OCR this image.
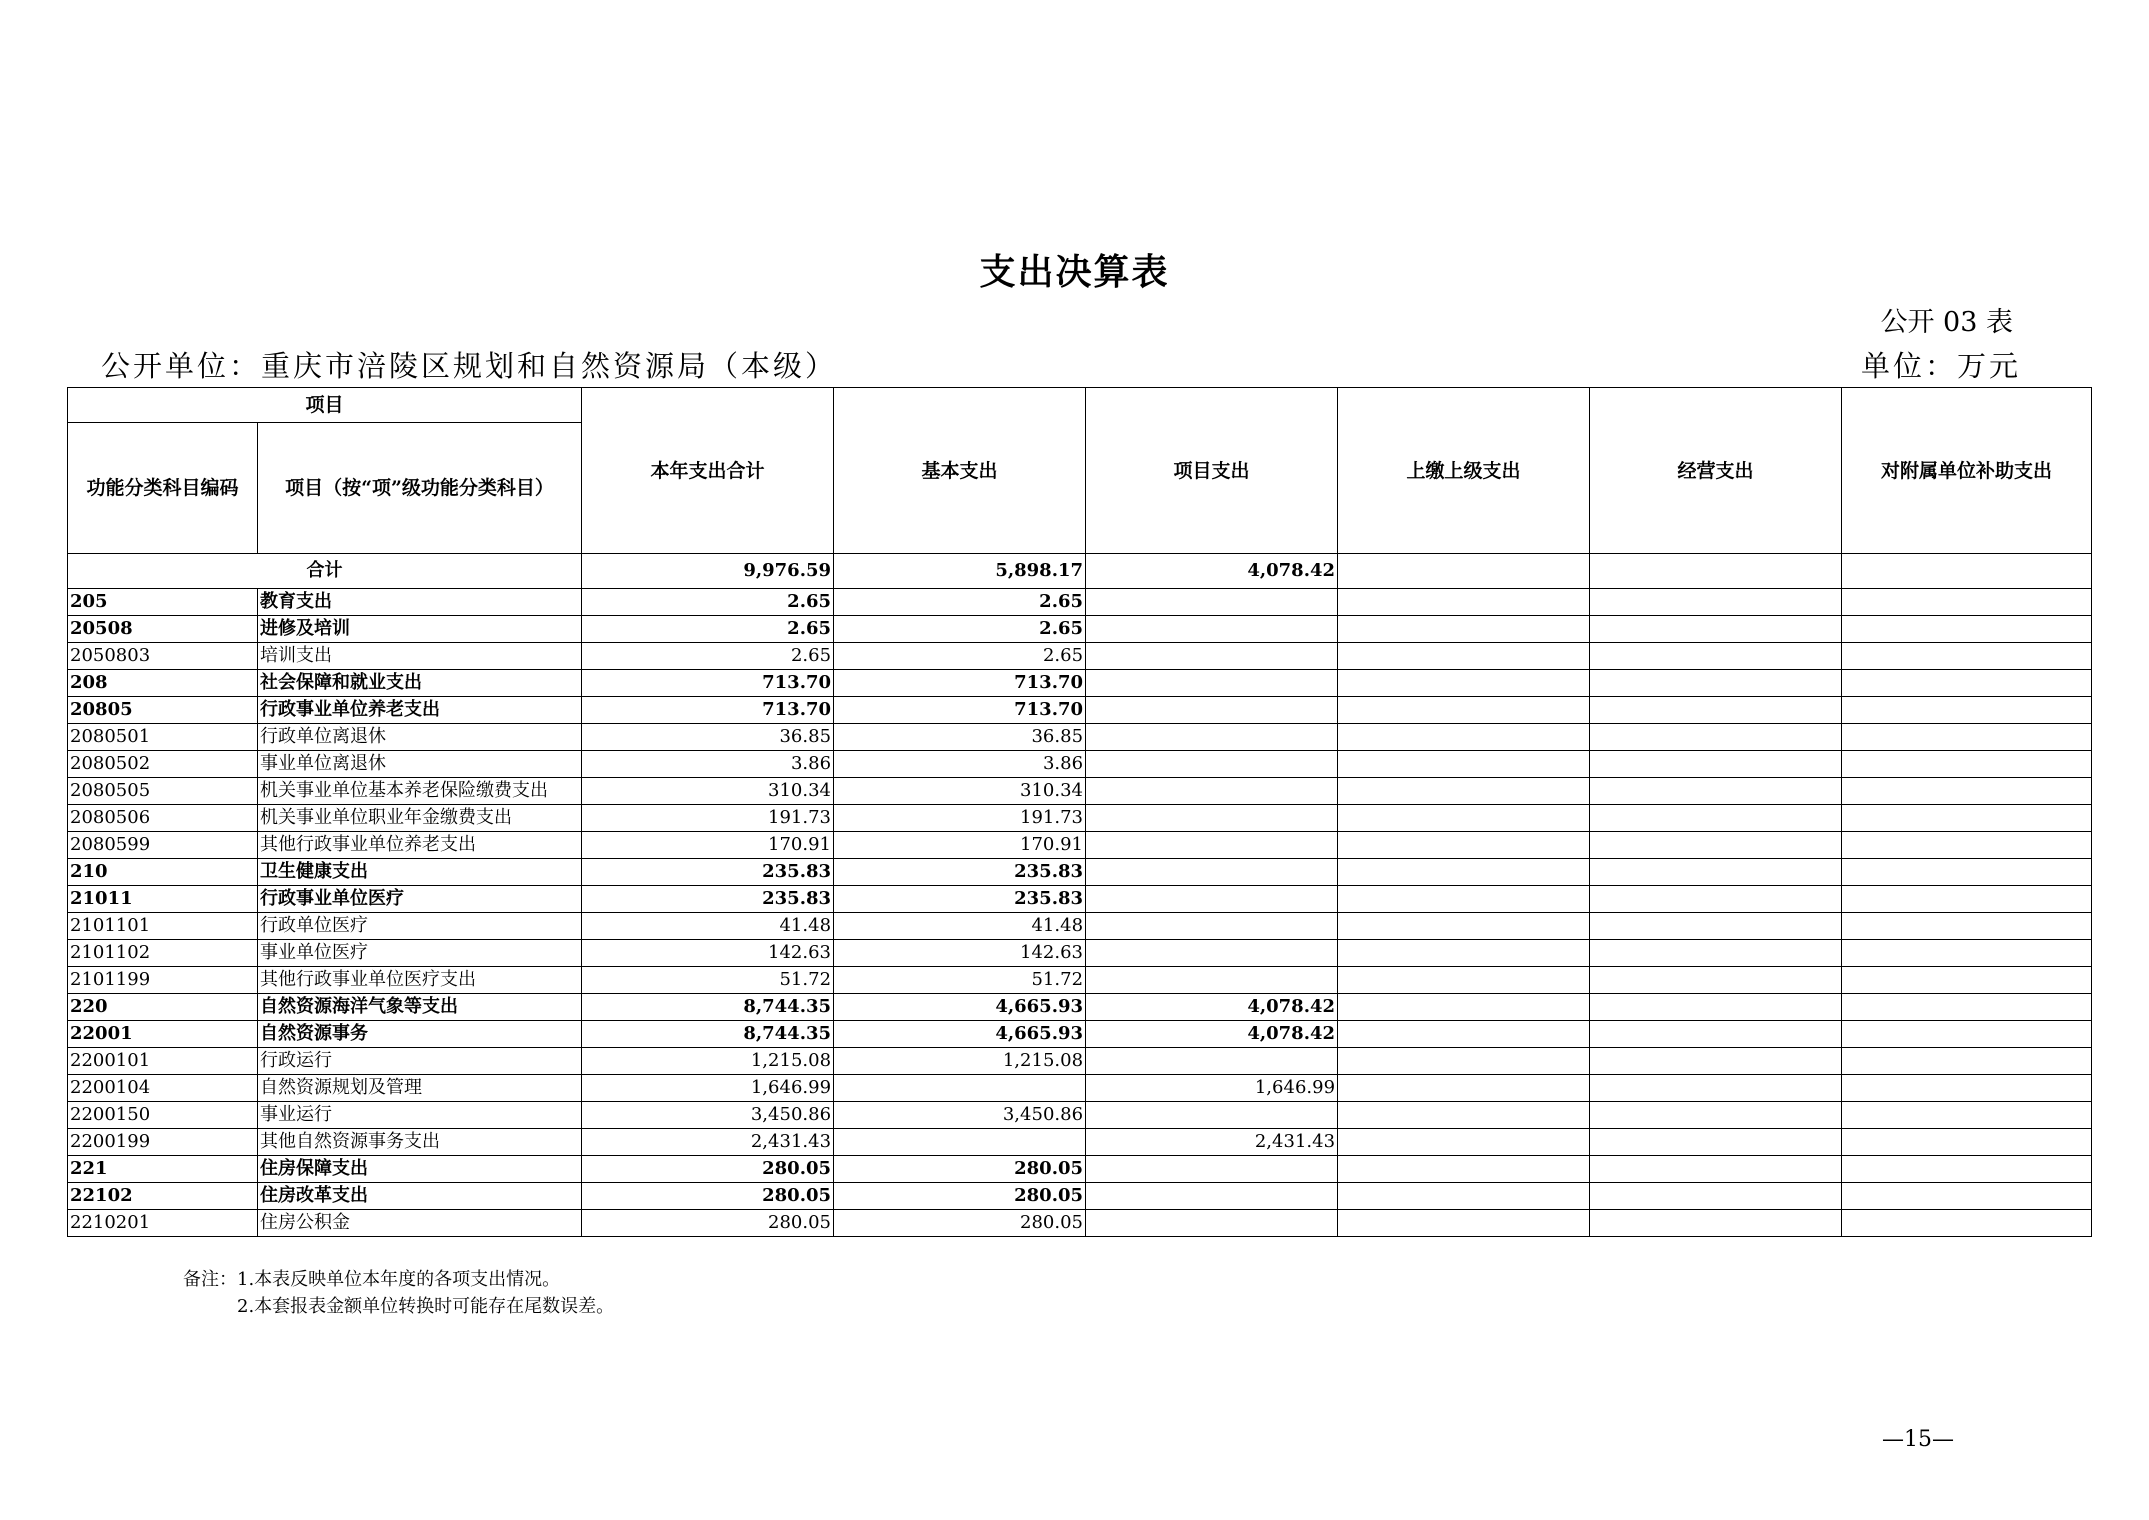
支出决算表
公开 03 表
公开单位：重庆市涪陵区规划和自然资源局（本级）	单位：万元
项目		本年支出合计	基本支出	项目支出	上缴上级支出	经营支出	对附属单位补助支出
功能分类科目编码	项目（按“项”级功能分类科目）						
合计		9,976.59	5,898.17	4,078.42			
205	教育支出	2.65	2.65				
20508	进修及培训	2.65	2.65				
2050803	培训支出	2.65	2.65				
208	社会保障和就业支出	713.70	713.70				
20805	行政事业单位养老支出	713.70	713.70				
2080501	行政单位离退休	36.85	36.85				
2080502	事业单位离退休	3.86	3.86				
2080505	机关事业单位基本养老保险缴费支出	310.34	310.34				
2080506	机关事业单位职业年金缴费支出	191.73	191.73				
2080599	其他行政事业单位养老支出	170.91	170.91				
210	卫生健康支出	235.83	235.83				
21011	行政事业单位医疗	235.83	235.83				
2101101	行政单位医疗	41.48	41.48				
2101102	事业单位医疗	142.63	142.63				
2101199	其他行政事业单位医疗支出	51.72	51.72				
220	自然资源海洋气象等支出	8,744.35	4,665.93	4,078.42			
22001	自然资源事务	8,744.35	4,665.93	4,078.42			
2200101	行政运行	1,215.08	1,215.08				
2200104	自然资源规划及管理	1,646.99		1,646.99			
2200150	事业运行	3,450.86	3,450.86				
2200199	其他自然资源事务支出	2,431.43		2,431.43			
221	住房保障支出	280.05	280.05				
22102	住房改革支出	280.05	280.05				
2210201	住房公积金	280.05	280.05				
备注：1.本表反映单位本年度的各项支出情况。
2.本套报表金额单位转换时可能存在尾数误差。
—15—
